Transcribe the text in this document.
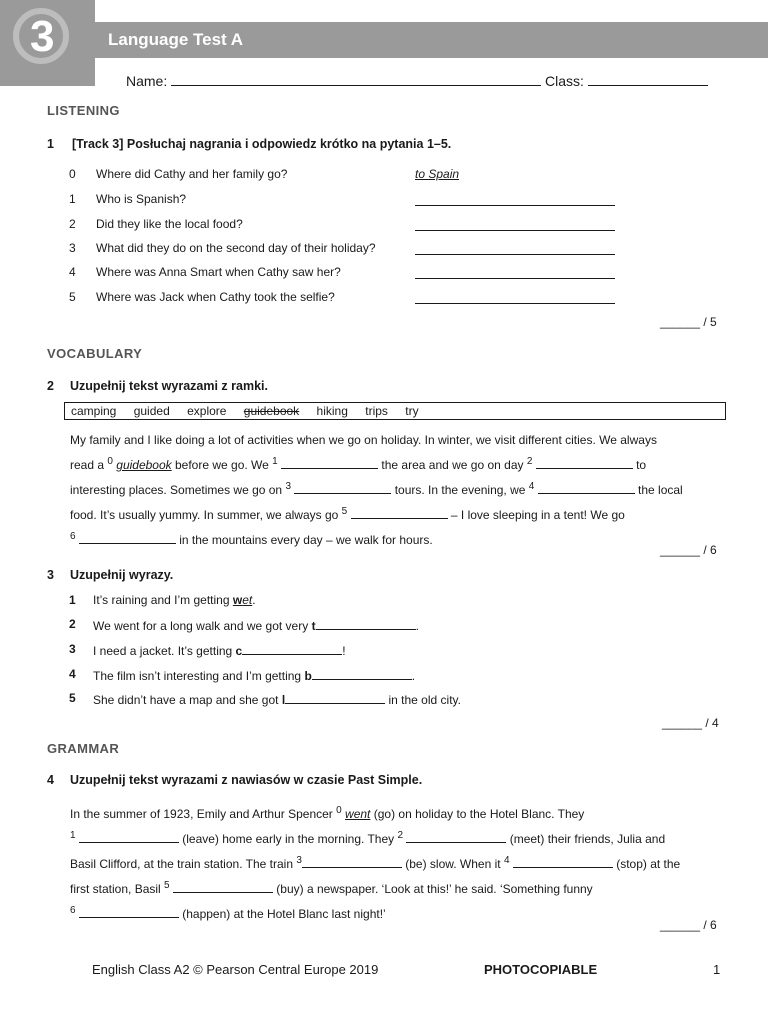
3	Language Test A
Name:	Class:
LISTENING
1 [Track 3] Posłuchaj nagrania i odpowiedz krótko na pytania 1–5.
0 Where did Cathy and her family go?	to Spain
1 Who is Spanish?
2 Did they like the local food?
3 What did they do on the second day of their holiday?
4 Where was Anna Smart when Cathy saw her?
5 Where was Jack when Cathy took the selfie?
______ / 5
VOCABULARY
2 Uzupełnij tekst wyrazami z ramki.
camping guided explore guidebook hiking trips try
My family and I like doing a lot of activities when we go on holiday. In winter, we visit different cities. We always
read a $^0$ guidebook before we go. We $^1$	the area and we go on day $^2$	to
interesting places. Sometimes we go on $^3$	tours. In the evening, we $^4$	the local
food. It’s usually yummy. In summer, we always go $^5$	– I love sleeping in a tent! We go
$^6$	in the mountains every day – we walk for hours.
______ / 6
3 Uzupełnij wyrazy.
1 It’s raining and I’m getting wet.
2 We went for a long walk and we got very t	.
3 I need a jacket. It’s getting c	!
4 The film isn’t interesting and I’m getting b	.
5 She didn’t have a map and she got l	in the old city.
______ / 4
GRAMMAR
4 Uzupełnij tekst wyrazami z nawiasów w czasie Past Simple.
In the summer of 1923, Emily and Arthur Spencer $^0$ went (go) on holiday to the Hotel Blanc. They
$^1$	(leave) home early in the morning. They $^2$	(meet) their friends, Julia and
Basil Clifford, at the train station. The train $^3$	(be) slow. When it $^4$	(stop) at the
first station, Basil $^5$	(buy) a newspaper. ‘Look at this!’ he said. ‘Something funny
$^6$	(happen) at the Hotel Blanc last night!’
______ / 6
English Class A2 © Pearson Central Europe 2019	PHOTOCOPIABLE	1
